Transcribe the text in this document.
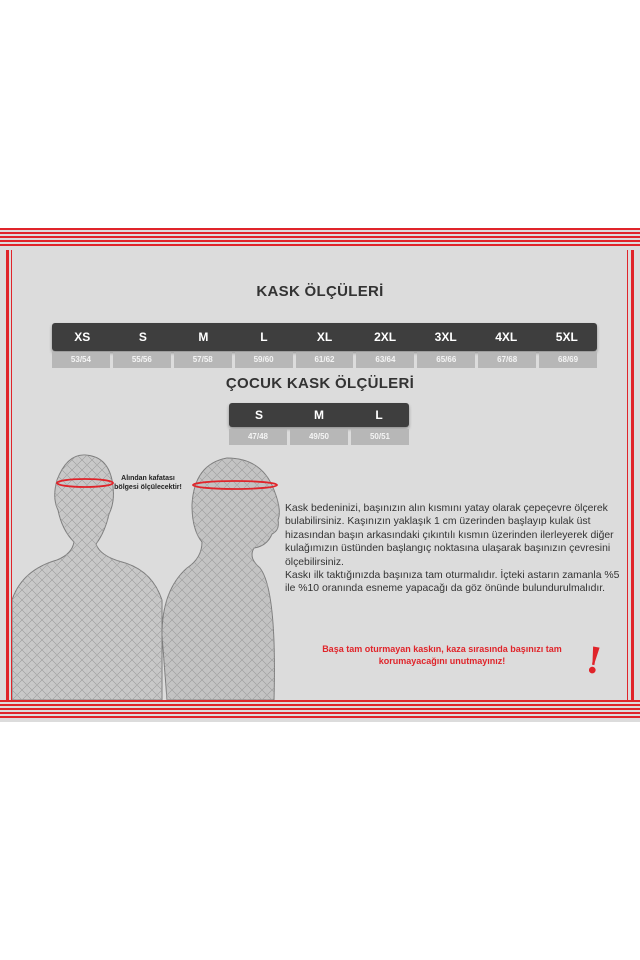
KASK ÖLÇÜLERİ
XS	S	M	L	XL	2XL	3XL	4XL	5XL
53/54	55/56	57/58	59/60	61/62	63/64	65/66	67/68	68/69
ÇOCUK KASK ÖLÇÜLERİ
S	M	L
47/48	49/50	50/51
Alından kafatası bölgesi ölçülecektir!
Kask bedeninizi, başınızın alın kısmını yatay olarak çepeçevre ölçerek bulabilirsiniz. Kaşınızın yaklaşık 1 cm üzerinden başlayıp kulak üst hizasından başın arkasındaki çıkıntılı kısmın üzerinden ilerleyerek diğer kulağımızın üstünden başlangıç noktasına ulaşarak başınızın çevresini ölçebilirsiniz.
Kaskı ilk taktığınızda başınıza tam oturmalıdır. İçteki astarın zamanla %5 ile %10 oranında esneme yapacağı da göz önünde bulundurulmalıdır.
Başa tam oturmayan kaskın, kaza sırasında başınızı tam korumayacağını unutmayınız!	!
